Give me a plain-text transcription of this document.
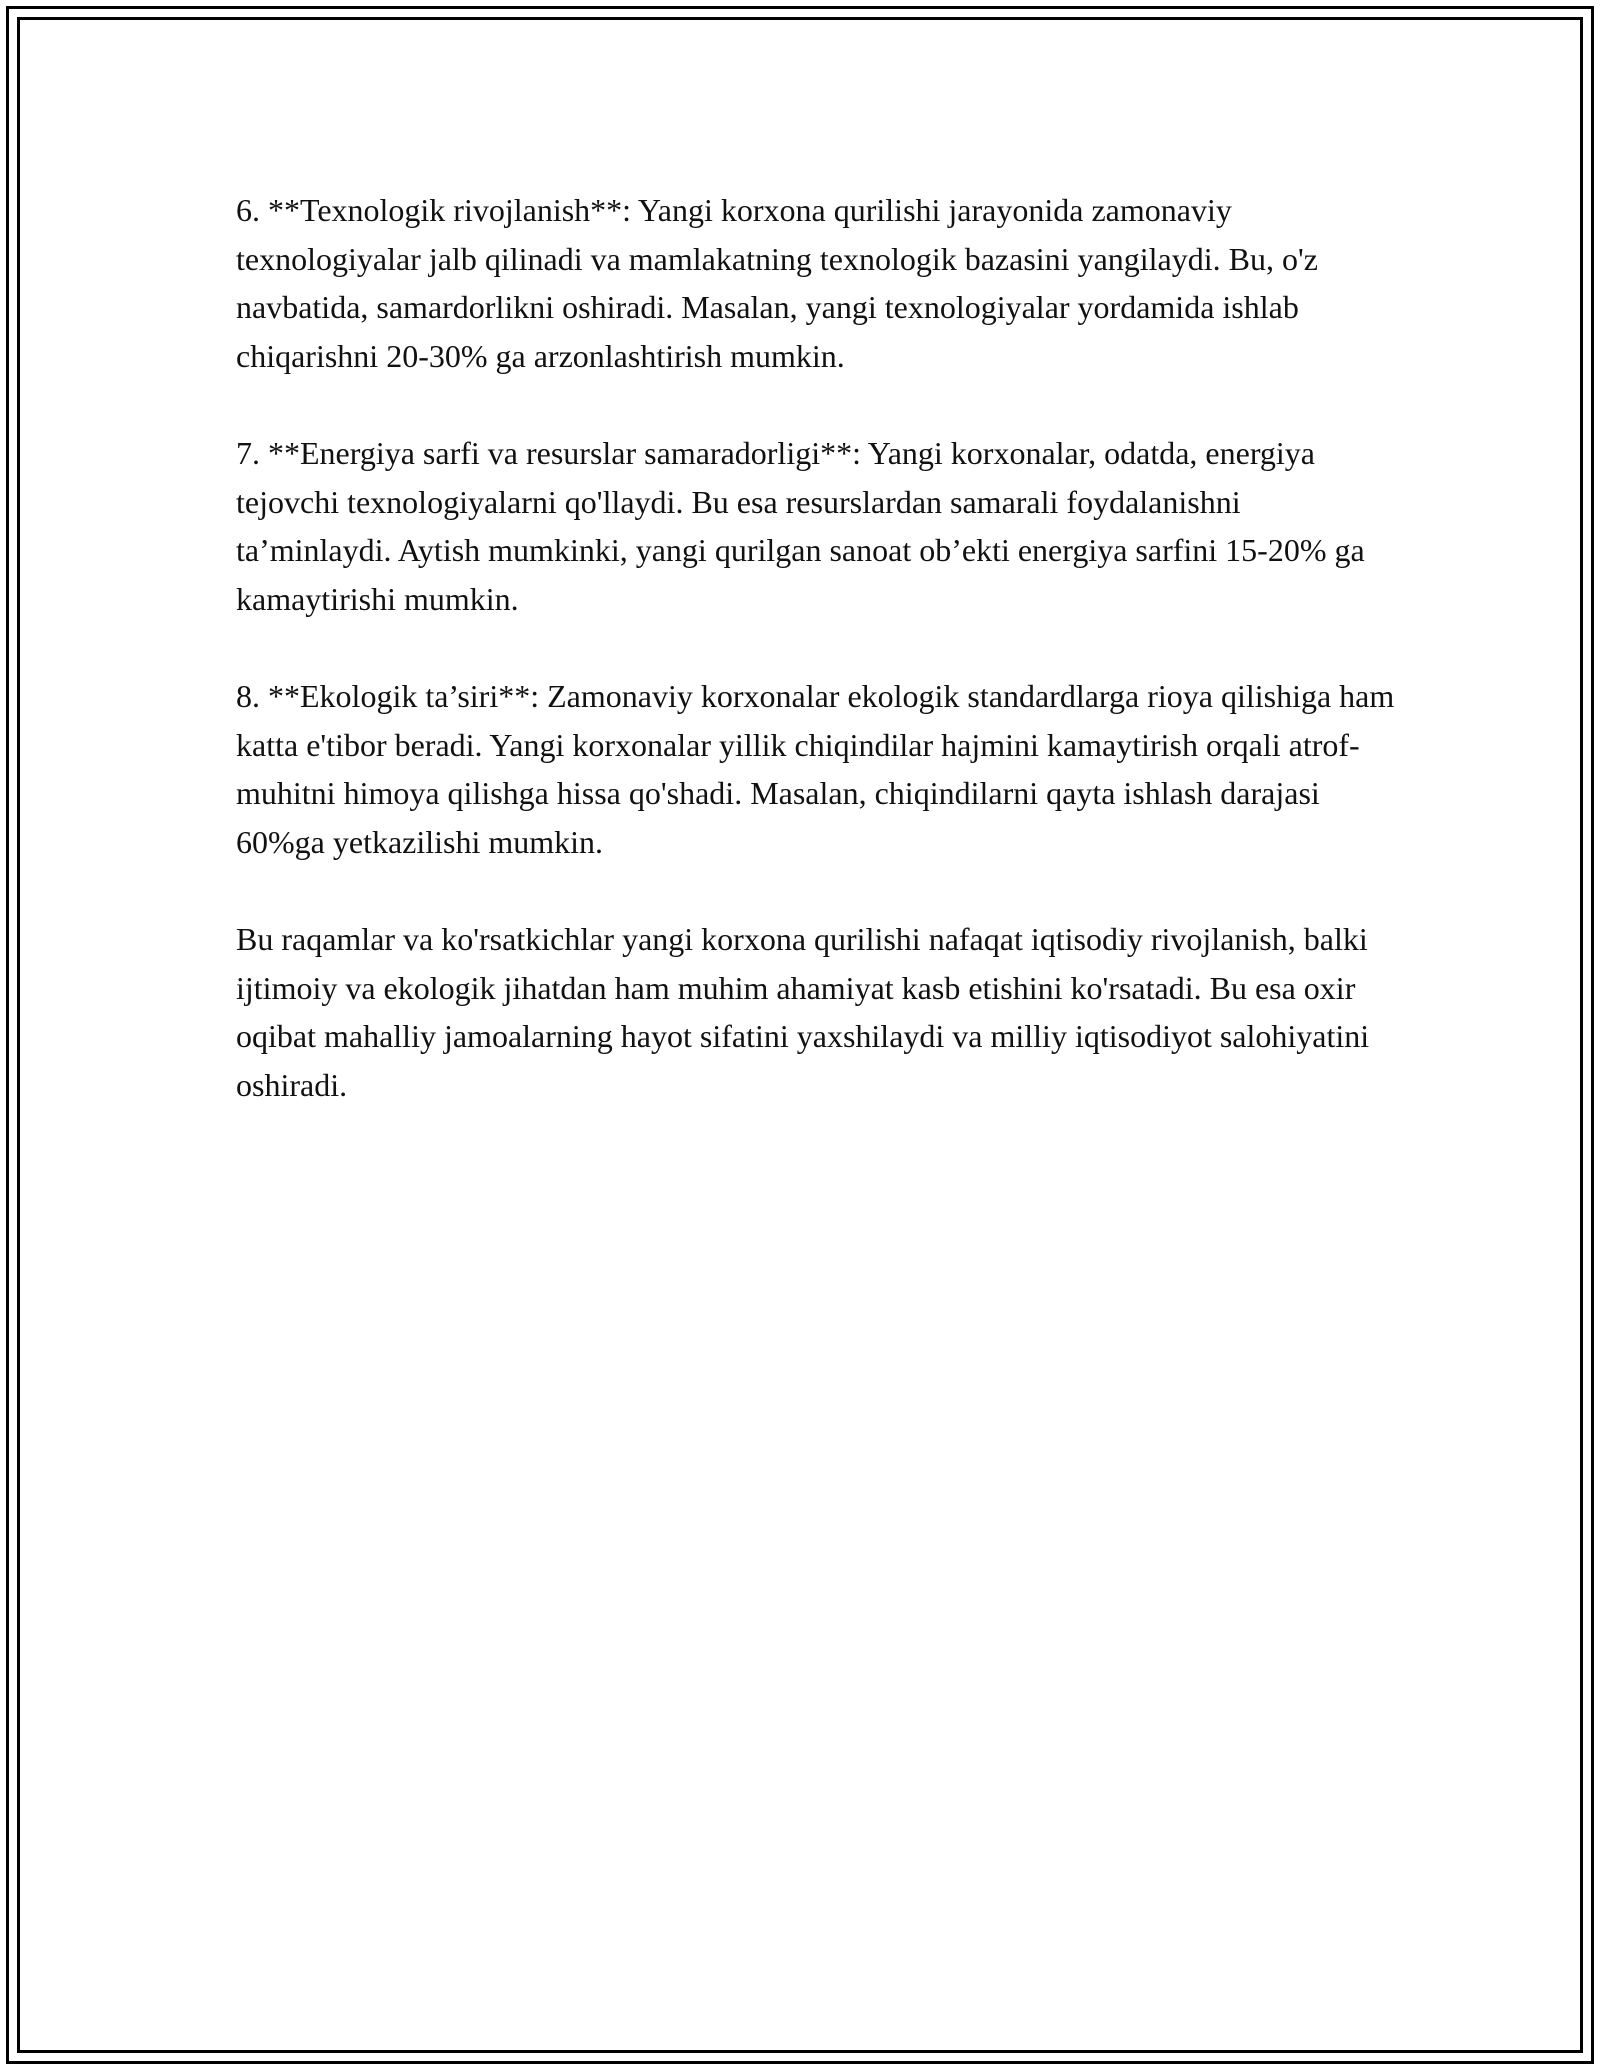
6. **Texnologik rivojlanish**: Yangi korxona qurilishi jarayonida zamonaviy texnologiyalar jalb qilinadi va mamlakatning texnologik bazasini yangilaydi. Bu, o'z navbatida, samardorlikni oshiradi. Masalan, yangi texnologiyalar yordamida ishlab chiqarishni 20-30% ga arzonlashtirish mumkin.

7. **Energiya sarfi va resurslar samaradorligi**: Yangi korxonalar, odatda, energiya tejovchi texnologiyalarni qo'llaydi. Bu esa resurslardan samarali foydalanishni ta’minlaydi. Aytish mumkinki, yangi qurilgan sanoat ob’ekti energiya sarfini 15-20% ga kamaytirishi mumkin.

8. **Ekologik ta’siri**: Zamonaviy korxonalar ekologik standardlarga rioya qilishiga ham katta e'tibor beradi. Yangi korxonalar yillik chiqindilar hajmini kamaytirish orqali atrof-muhitni himoya qilishga hissa qo'shadi. Masalan, chiqindilarni qayta ishlash darajasi 60%ga yetkazilishi mumkin.

Bu raqamlar va ko'rsatkichlar yangi korxona qurilishi nafaqat iqtisodiy rivojlanish, balki ijtimoiy va ekologik jihatdan ham muhim ahamiyat kasb etishini ko'rsatadi. Bu esa oxir oqibat mahalliy jamoalarning hayot sifatini yaxshilaydi va milliy iqtisodiyot salohiyatini oshiradi.
